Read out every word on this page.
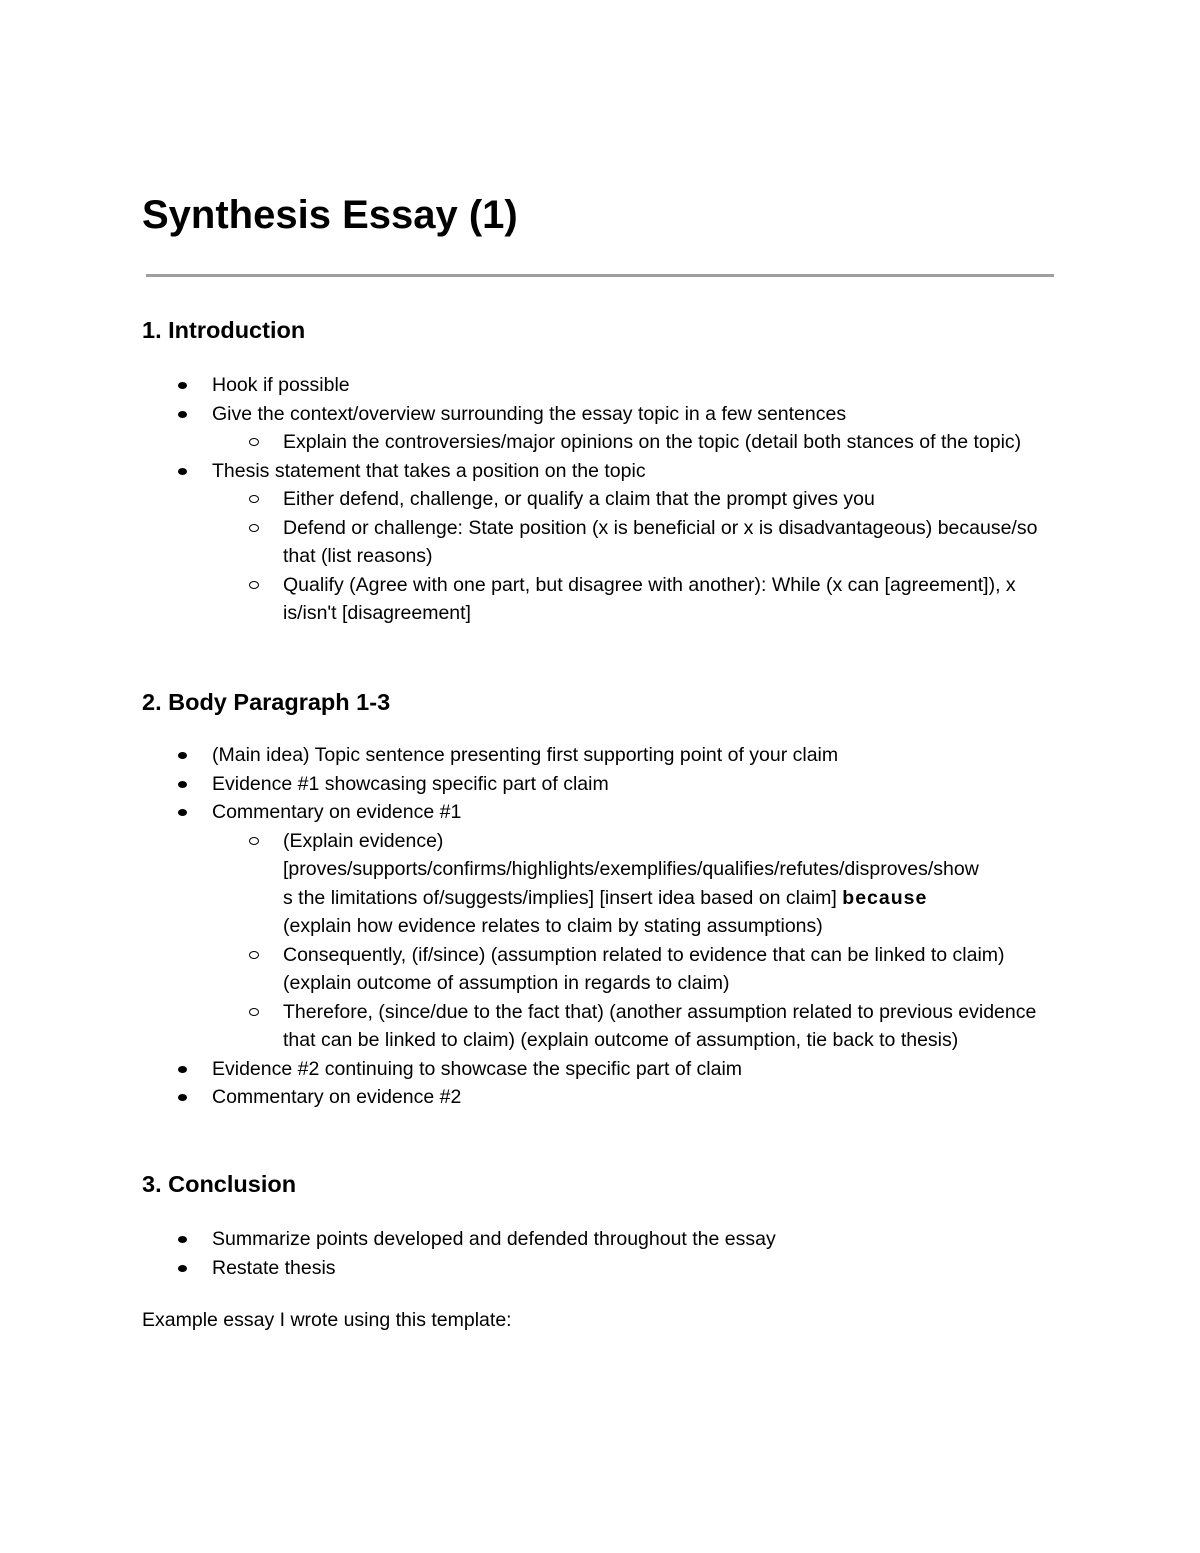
Synthesis Essay (1)
1. Introduction
Hook if possible
Give the context/overview surrounding the essay topic in a few sentences
Explain the controversies/major opinions on the topic (detail both stances of the topic)
Thesis statement that takes a position on the topic
Either defend, challenge, or qualify a claim that the prompt gives you
Defend or challenge: State position (x is beneficial or x is disadvantageous) because/so that (list reasons)
Qualify (Agree with one part, but disagree with another): While (x can [agreement]), x is/isn't [disagreement]
2. Body Paragraph 1-3
(Main idea) Topic sentence presenting first supporting point of your claim
Evidence #1 showcasing specific part of claim
Commentary on evidence #1
(Explain evidence)
[proves/supports/confirms/highlights/exemplifies/qualifies/refutes/disproves/show
s the limitations of/suggests/implies] [insert idea based on claim] because
(explain how evidence relates to claim by stating assumptions)
Consequently, (if/since) (assumption related to evidence that can be linked to claim) (explain outcome of assumption in regards to claim)
Therefore, (since/due to the fact that) (another assumption related to previous evidence that can be linked to claim) (explain outcome of assumption, tie back to thesis)
Evidence #2 continuing to showcase the specific part of claim
Commentary on evidence #2
3. Conclusion
Summarize points developed and defended throughout the essay
Restate thesis

Example essay I wrote using this template:
